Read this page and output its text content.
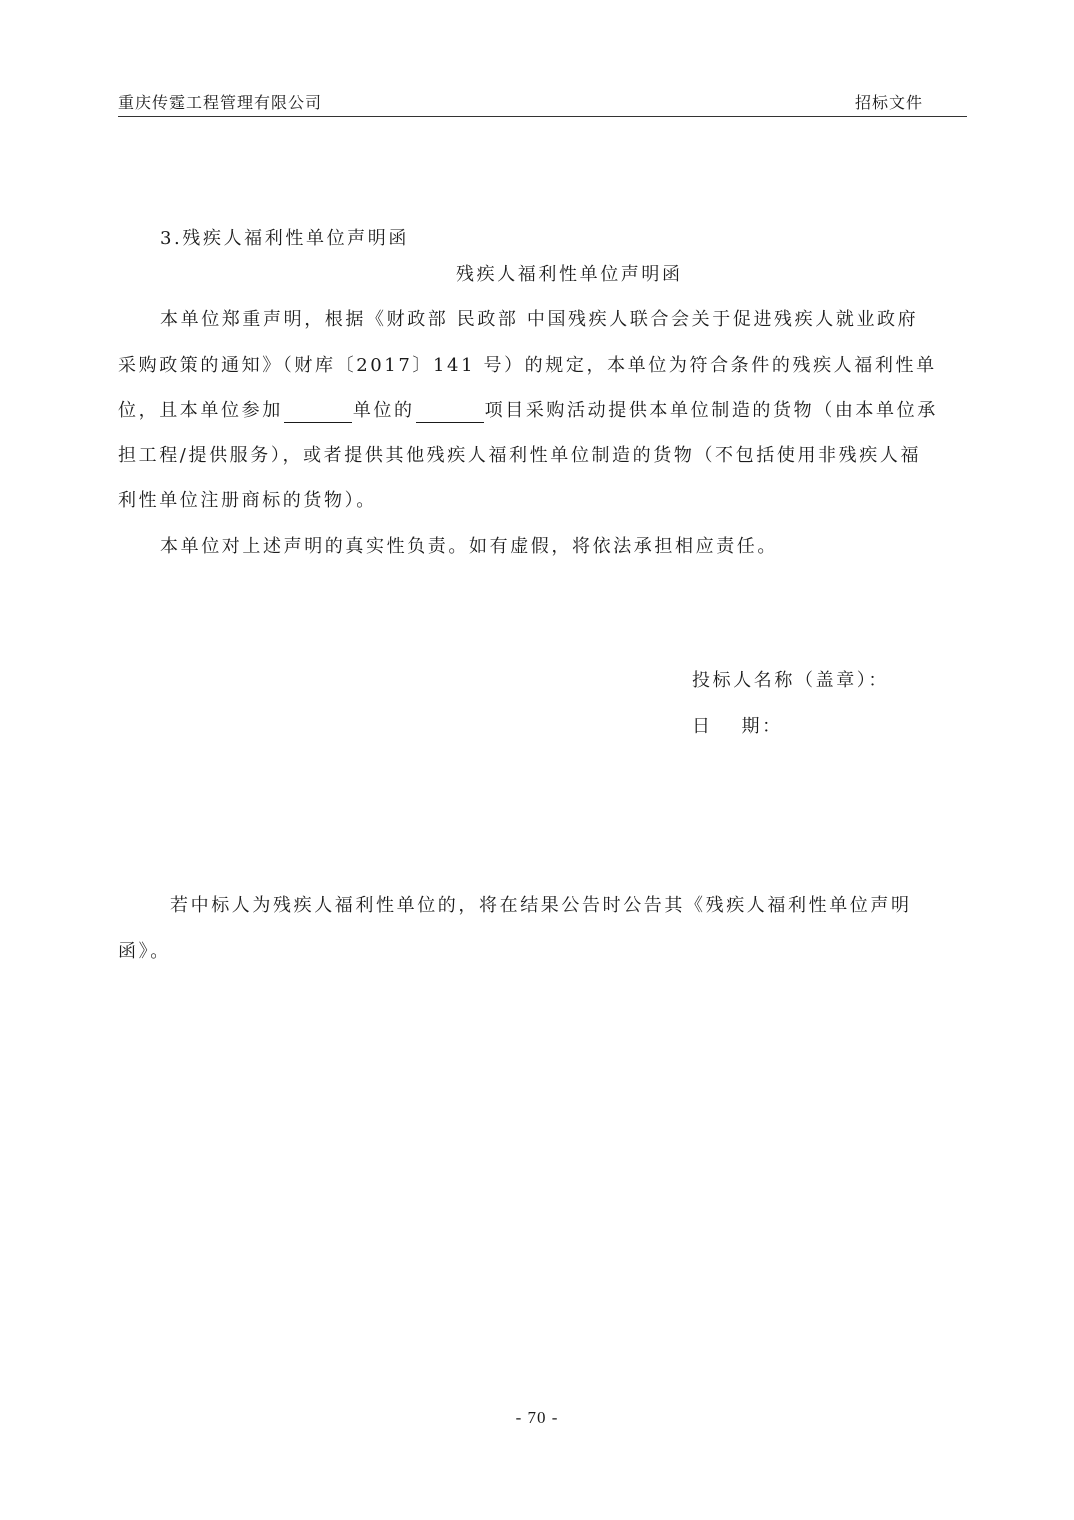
重庆传霆工程管理有限公司	招标文件
3.残疾人福利性单位声明函
残疾人福利性单位声明函
本单位郑重声明，根据《财政部 民政部 中国残疾人联合会关于促进残疾人就业政府
采购政策的通知》（财库〔2017〕141 号）的规定，本单位为符合条件的残疾人福利性单
位，且本单位参加	单位的	项目采购活动提供本单位制造的货物（由本单位承
担工程/提供服务），或者提供其他残疾人福利性单位制造的货物（不包括使用非残疾人福
利性单位注册商标的货物）。
本单位对上述声明的真实性负责。如有虚假，将依法承担相应责任。
投标人名称（盖章）：
日　 期：
若中标人为残疾人福利性单位的，将在结果公告时公告其《残疾人福利性单位声明
函》。
- 70 -
